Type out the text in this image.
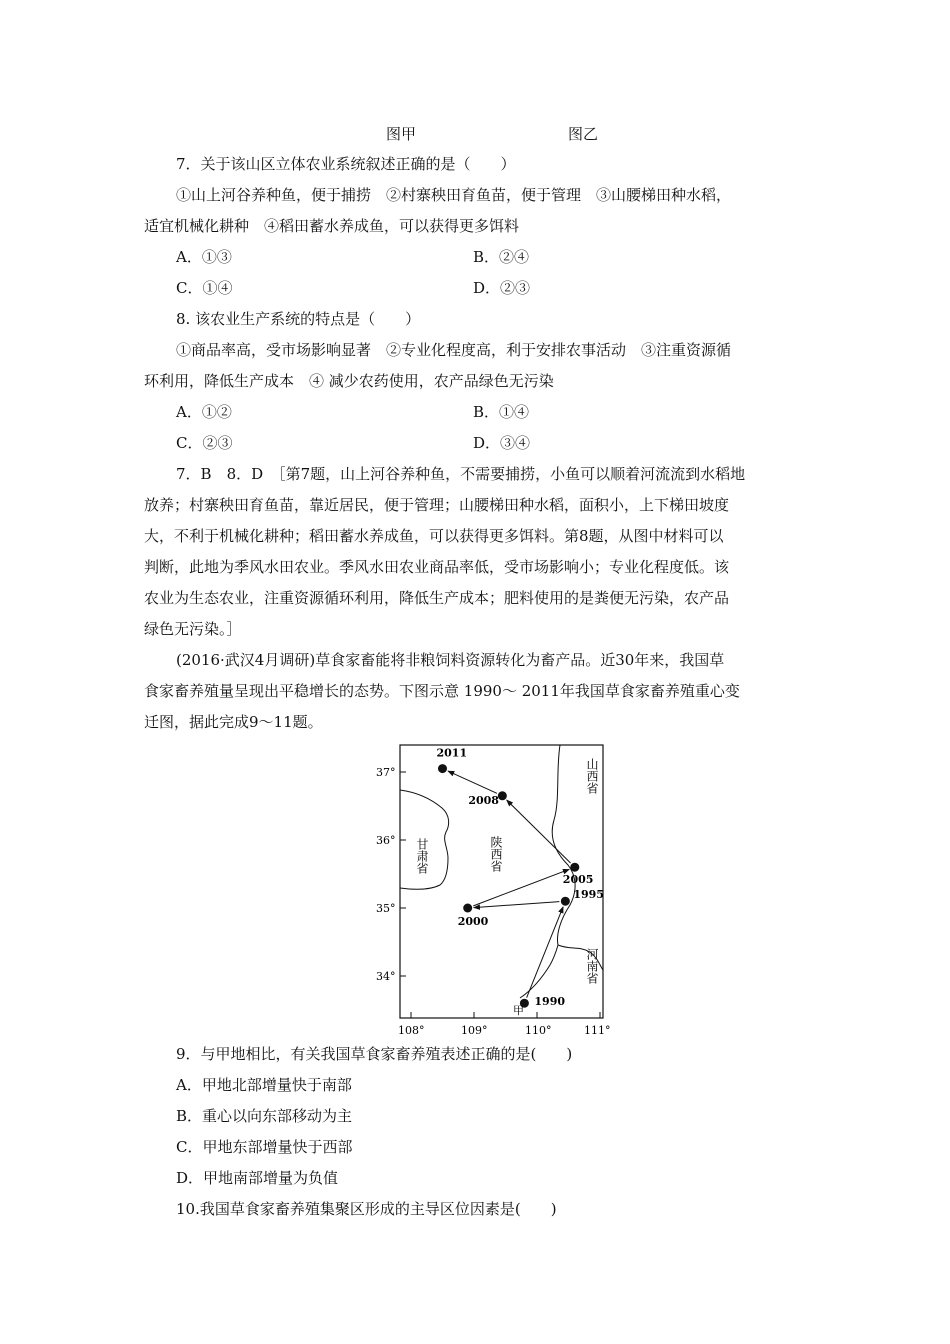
图甲	图乙
7．关于该山区立体农业系统叙述正确的是（　　）
①山上河谷养种鱼，便于捕捞　②村寨秧田育鱼苗，便于管理　③山腰梯田种水稻，
适宜机械化耕种　④稻田蓄水养成鱼，可以获得更多饵料
A．①③	B．②④
C．①④	D．②③
8. 该农业生产系统的特点是（　　）
①商品率高，受市场影响显著　②专业化程度高，利于安排农事活动　③注重资源循
环利用，降低生产成本　④ 减少农药使用，农产品绿色无污染
A．①②	B．①④
C．②③	D．③④
7．B　8．D　［第7题，山上河谷养种鱼，不需要捕捞，小鱼可以顺着河流流到水稻地
放养；村寨秧田育鱼苗，靠近居民，便于管理；山腰梯田种水稻，面积小，上下梯田坡度
大，不利于机械化耕种；稻田蓄水养成鱼，可以获得更多饵料。第8题，从图中材料可以
判断，此地为季风水田农业。季风水田农业商品率低，受市场影响小；专业化程度低。该
农业为生态农业，注重资源循环利用，降低生产成本；肥料使用的是粪便无污染，农产品
绿色无污染。］
(2016·武汉4月调研)草食家畜能将非粮饲料资源转化为畜产品。近30年来，我国草
食家畜养殖量呈现出平稳增长的态势。下图示意 1990～ 2011年我国草食家畜养殖重心变
迁图，据此完成9～11题。
37°
36°
35°
34°
108°	109°	110°	111°
甘肃省	陕西省
山西省
河南省
1990
1995
2000
2005
2008
2011
甲
9．与甲地相比，有关我国草食家畜养殖表述正确的是(　　)
A．甲地北部增量快于南部
B．重心以向东部移动为主
C．甲地东部增量快于西部
D．甲地南部增量为负值
10.我国草食家畜养殖集聚区形成的主导区位因素是(　　)
